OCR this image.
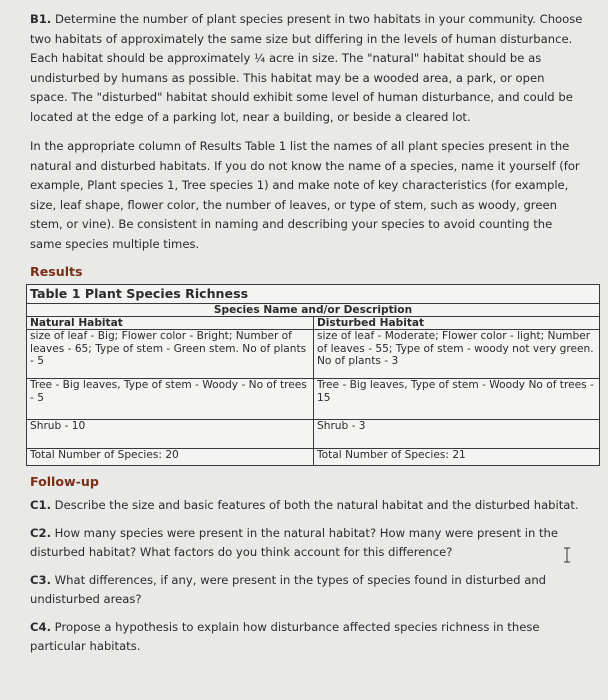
B1. Determine the number of plant species present in two habitats in your community. Choose two habitats of approximately the same size but differing in the levels of human disturbance. Each habitat should be approximately ¼ acre in size. The "natural" habitat should be as undisturbed by humans as possible. This habitat may be a wooded area, a park, or open space. The "disturbed" habitat should exhibit some level of human disturbance, and could be located at the edge of a parking lot, near a building, or beside a cleared lot.

In the appropriate column of Results Table 1 list the names of all plant species present in the natural and disturbed habitats. If you do not know the name of a species, name it yourself (for example, Plant species 1, Tree species 1) and make note of key characteristics (for example, size, leaf shape, flower color, the number of leaves, or type of stem, such as woody, green stem, or vine). Be consistent in naming and describing your species to avoid counting the same species multiple times.

Results
Table 1 Plant Species Richness	
Species Name and/or Description	
Natural Habitat	Disturbed Habitat
size of leaf - Big; Flower color - Bright; Number of leaves - 65; Type of stem - Green stem. No of plants - 5	size of leaf - Moderate; Flower color - light; Number of leaves - 55; Type of stem - woody not very green. No of plants - 3
Tree - Big leaves, Type of stem - Woody - No of trees - 5	Tree - Big leaves, Type of stem - Woody No of trees - 15
Shrub - 10	Shrub - 3
Total Number of Species: 20	Total Number of Species: 21
Follow-up

C1. Describe the size and basic features of both the natural habitat and the disturbed habitat.

C2. How many species were present in the natural habitat? How many were present in the disturbed habitat? What factors do you think account for this difference?

C3. What differences, if any, were present in the types of species found in disturbed and undisturbed areas?

C4. Propose a hypothesis to explain how disturbance affected species richness in these particular habitats.
